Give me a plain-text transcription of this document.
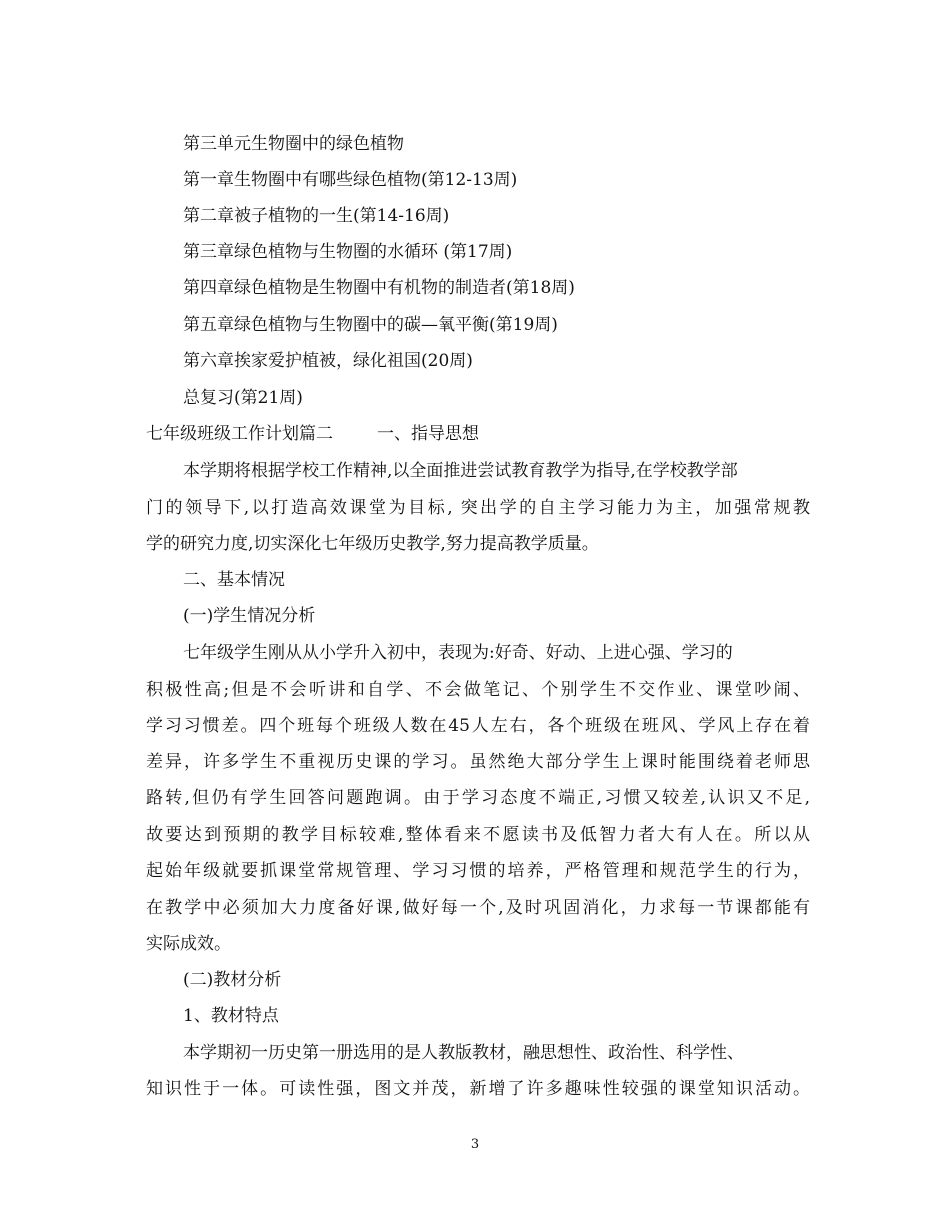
第三单元生物圈中的绿色植物
第一章生物圈中有哪些绿色植物(第12-13周)
第二章被子植物的一生(第14-16周)
第三章绿色植物与生物圈的水循环 (第17周)
第四章绿色植物是生物圈中有机物的制造者(第18周)
第五章绿色植物与生物圈中的碳—氧平衡(第19周)
第六章挨家爱护植被，绿化祖国(20周)
总复习(第21周)
七年级班级工作计划篇二	一、指导思想
本学期将根据学校工作精神,以全面推进尝试教育教学为指导,在学校教学部
门的领导下,以打造高效课堂为目标, 突出学的自主学习能力为主，加强常规教
学的研究力度,切实深化七年级历史教学,努力提高教学质量。
二、基本情况
(一)学生情况分析
七年级学生刚从从小学升入初中，表现为:好奇、好动、上进心强、学习的
积极性高;但是不会听讲和自学、不会做笔记、个别学生不交作业、课堂吵闹、
学习习惯差。四个班每个班级人数在45人左右，各个班级在班风、学风上存在着
差异，许多学生不重视历史课的学习。虽然绝大部分学生上课时能围绕着老师思
路转,但仍有学生回答问题跑调。由于学习态度不端正,习惯又较差,认识又不足,
故要达到预期的教学目标较难,整体看来不愿读书及低智力者大有人在。所以从
起始年级就要抓课堂常规管理、学习习惯的培养，严格管理和规范学生的行为，
在教学中必须加大力度备好课,做好每一个,及时巩固消化，力求每一节课都能有
实际成效。
(二)教材分析
1、教材特点
本学期初一历史第一册选用的是人教版教材，融思想性、政治性、科学性、
知识性于一体。可读性强，图文并茂，新增了许多趣味性较强的课堂知识活动。
3
